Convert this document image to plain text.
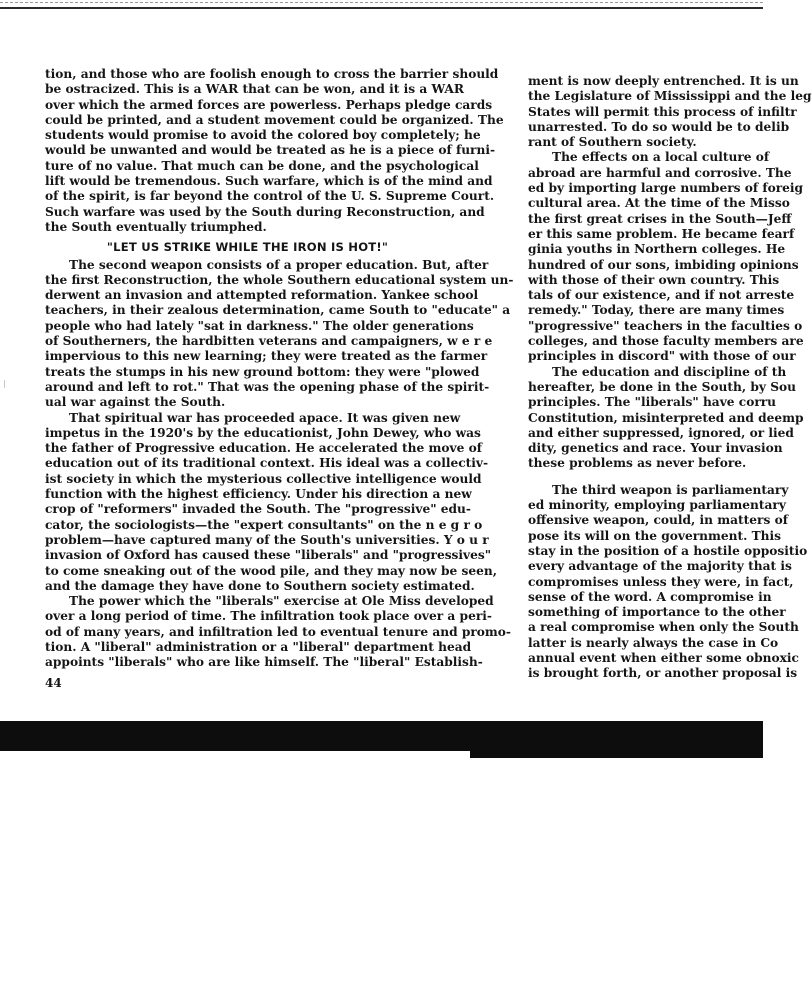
tion, and those who are foolish enough to cross the barrier should
be ostracized. This is a WAR that can be won, and it is a WAR
over which the armed forces are powerless. Perhaps pledge cards
could be printed, and a student movement could be organized. The
students would promise to avoid the colored boy completely; he
would be unwanted and would be treated as he is a piece of furni-
ture of no value. That much can be done, and the psychological
lift would be tremendous. Such warfare, which is of the mind and
of the spirit, is far beyond the control of the U. S. Supreme Court.
Such warfare was used by the South during Reconstruction, and
the South eventually triumphed.
"LET US STRIKE WHILE THE IRON IS HOT!"
The second weapon consists of a proper education. But, after
the first Reconstruction, the whole Southern educational system un-
derwent an invasion and attempted reformation. Yankee school
teachers, in their zealous determination, came South to "educate" a
people who had lately "sat in darkness." The older generations
of Southerners, the hardbitten veterans and campaigners, w e r e
impervious to this new learning; they were treated as the farmer
treats the stumps in his new ground bottom: they were "plowed
around and left to rot." That was the opening phase of the spirit-
ual war against the South.
That spiritual war has proceeded apace. It was given new
impetus in the 1920's by the educationist, John Dewey, who was
the father of Progressive education. He accelerated the move of
education out of its traditional context. His ideal was a collectiv-
ist society in which the mysterious collective intelligence would
function with the highest efficiency. Under his direction a new
crop of "reformers" invaded the South. The "progressive" edu-
cator, the sociologists—the "expert consultants" on the n e g r o
problem—have captured many of the South's universities. Y o u r
invasion of Oxford has caused these "liberals" and "progressives"
to come sneaking out of the wood pile, and they may now be seen,
and the damage they have done to Southern society estimated.
The power which the "liberals" exercise at Ole Miss developed
over a long period of time. The infiltration took place over a peri-
od of many years, and infiltration led to eventual tenure and promo-
tion. A "liberal" administration or a "liberal" department head
appoints "liberals" who are like himself. The "liberal" Establish-
44
ment is now deeply entrenched. It is un
the Legislature of Mississippi and the leg
States will permit this process of infiltr
unarrested. To do so would be to delib
rant of Southern society.
The effects on a local culture of
abroad are harmful and corrosive. The
ed by importing large numbers of foreig
cultural area. At the time of the Misso
the first great crises in the South—Jeff
er this same problem. He became fearf
ginia youths in Northern colleges. He
hundred of our sons, imbiding opinions
with those of their own country. This
tals of our existence, and if not arreste
remedy." Today, there are many times
"progressive" teachers in the faculties o
colleges, and those faculty members are
principles in discord" with those of our
The education and discipline of th
hereafter, be done in the South, by Sou
principles. The "liberals" have corru
Constitution, misinterpreted and deemp
and either suppressed, ignored, or lied
dity, genetics and race. Your invasion
these problems as never before.
The third weapon is parliamentary
ed minority, employing parliamentary
offensive weapon, could, in matters of
pose its will on the government. This
stay in the position of a hostile oppositio
every advantage of the majority that is
compromises unless they were, in fact,
sense of the word. A compromise in
something of importance to the other
a real compromise when only the South
latter is nearly always the case in Co
annual event when either some obnoxic
is brought forth, or another proposal is
